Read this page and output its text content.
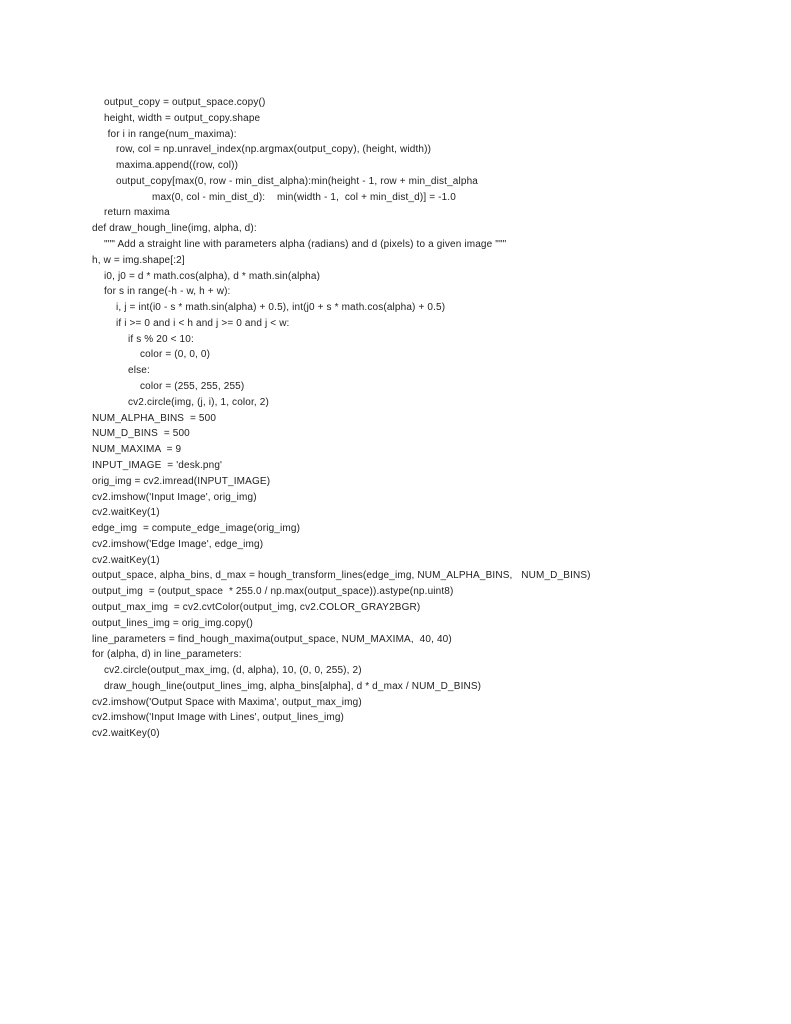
output_copy = output_space.copy()
height, width = output_copy.shape
for i in range(num_maxima):
row, col = np.unravel_index(np.argmax(output_copy), (height, width))
maxima.append((row, col))
output_copy[max(0, row - min_dist_alpha):min(height - 1, row + min_dist_alpha
max(0, col - min_dist_d):    min(width - 1,  col + min_dist_d)] = -1.0
return maxima
def draw_hough_line(img, alpha, d):
""" Add a straight line with parameters alpha (radians) and d (pixels) to a given image """
h, w = img.shape[:2]
i0, j0 = d * math.cos(alpha), d * math.sin(alpha)
for s in range(-h - w, h + w):
i, j = int(i0 - s * math.sin(alpha) + 0.5), int(j0 + s * math.cos(alpha) + 0.5)
if i >= 0 and i < h and j >= 0 and j < w:
if s % 20 < 10:
color = (0, 0, 0)
else:
color = (255, 255, 255)
cv2.circle(img, (j, i), 1, color, 2)
NUM_ALPHA_BINS  = 500
NUM_D_BINS  = 500
NUM_MAXIMA  = 9
INPUT_IMAGE  = 'desk.png'
orig_img = cv2.imread(INPUT_IMAGE)
cv2.imshow('Input Image', orig_img)
cv2.waitKey(1)
edge_img  = compute_edge_image(orig_img)
cv2.imshow('Edge Image', edge_img)
cv2.waitKey(1)
output_space, alpha_bins, d_max = hough_transform_lines(edge_img, NUM_ALPHA_BINS,   NUM_D_BINS)
output_img  = (output_space  * 255.0 / np.max(output_space)).astype(np.uint8)
output_max_img  = cv2.cvtColor(output_img, cv2.COLOR_GRAY2BGR)
output_lines_img = orig_img.copy()
line_parameters = find_hough_maxima(output_space, NUM_MAXIMA,  40, 40)
for (alpha, d) in line_parameters:
cv2.circle(output_max_img, (d, alpha), 10, (0, 0, 255), 2)
draw_hough_line(output_lines_img, alpha_bins[alpha], d * d_max / NUM_D_BINS)
cv2.imshow('Output Space with Maxima', output_max_img)
cv2.imshow('Input Image with Lines', output_lines_img)
cv2.waitKey(0)
